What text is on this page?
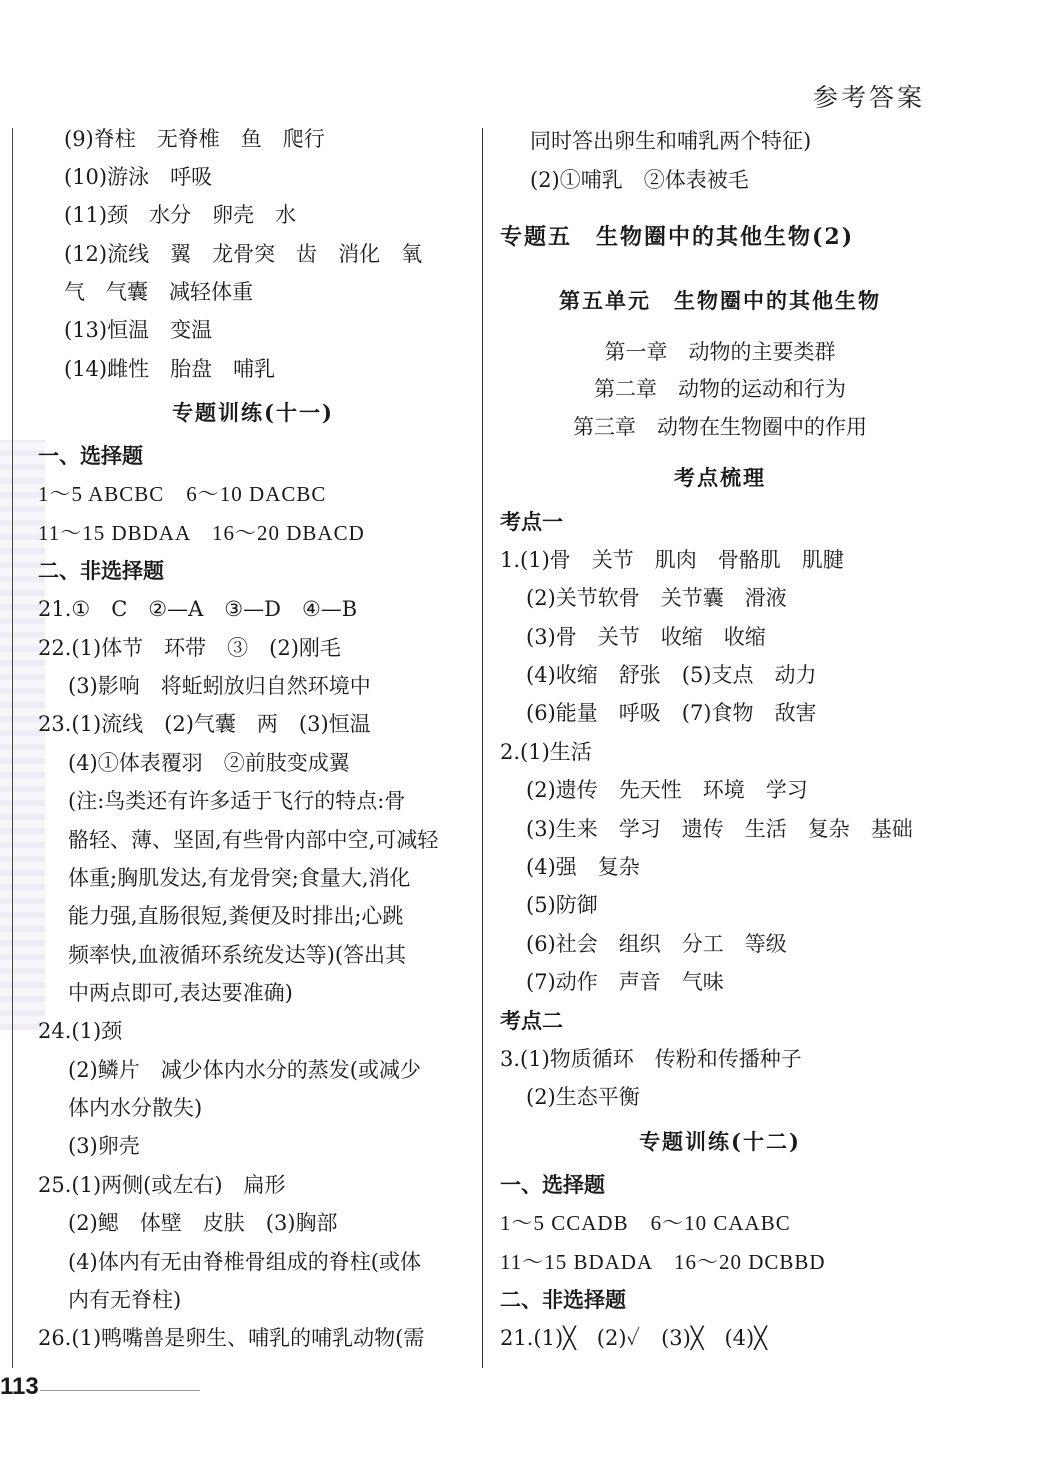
参考答案
(9)脊柱　无脊椎　鱼　爬行
(10)游泳　呼吸
(11)颈　水分　卵壳　水
(12)流线　翼　龙骨突　齿　消化　氧
气　气囊　减轻体重
(13)恒温　变温
(14)雌性　胎盘　哺乳
专题训练(十一)
一、选择题
1～5 ABCBC　6～10 DACBC
11～15 DBDAA　16～20 DBACD
二、非选择题
21.①　C　②—A　③—D　④—B
22.(1)体节　环带　③　(2)刚毛
(3)影响　将蚯蚓放归自然环境中
23.(1)流线　(2)气囊　两　(3)恒温
(4)①体表覆羽　②前肢变成翼
(注:鸟类还有许多适于飞行的特点:骨
骼轻、薄、坚固,有些骨内部中空,可减轻
体重;胸肌发达,有龙骨突;食量大,消化
能力强,直肠很短,粪便及时排出;心跳
频率快,血液循环系统发达等)(答出其
中两点即可,表达要准确)
24.(1)颈
(2)鳞片　减少体内水分的蒸发(或减少
体内水分散失)
(3)卵壳
25.(1)两侧(或左右)　扁形
(2)鳃　体壁　皮肤　(3)胸部
(4)体内有无由脊椎骨组成的脊柱(或体
内有无脊柱)
26.(1)鸭嘴兽是卵生、哺乳的哺乳动物(需
同时答出卵生和哺乳两个特征)
(2)①哺乳　②体表被毛
专题五　生物圈中的其他生物(2)
第五单元　生物圈中的其他生物
第一章　动物的主要类群
第二章　动物的运动和行为
第三章　动物在生物圈中的作用
考点梳理
考点一
1.(1)骨　关节　肌肉　骨骼肌　肌腱
(2)关节软骨　关节囊　滑液
(3)骨　关节　收缩　收缩
(4)收缩　舒张　(5)支点　动力
(6)能量　呼吸　(7)食物　敌害
2.(1)生活
(2)遗传　先天性　环境　学习
(3)生来　学习　遗传　生活　复杂　基础
(4)强　复杂
(5)防御
(6)社会　组织　分工　等级
(7)动作　声音　气味
考点二
3.(1)物质循环　传粉和传播种子
(2)生态平衡
专题训练(十二)
一、选择题
1～5 CCADB　6～10 CAABC
11～15 BDADA　16～20 DCBBD
二、非选择题
21.(1)╳　(2)✓　(3)╳　(4)╳
113
